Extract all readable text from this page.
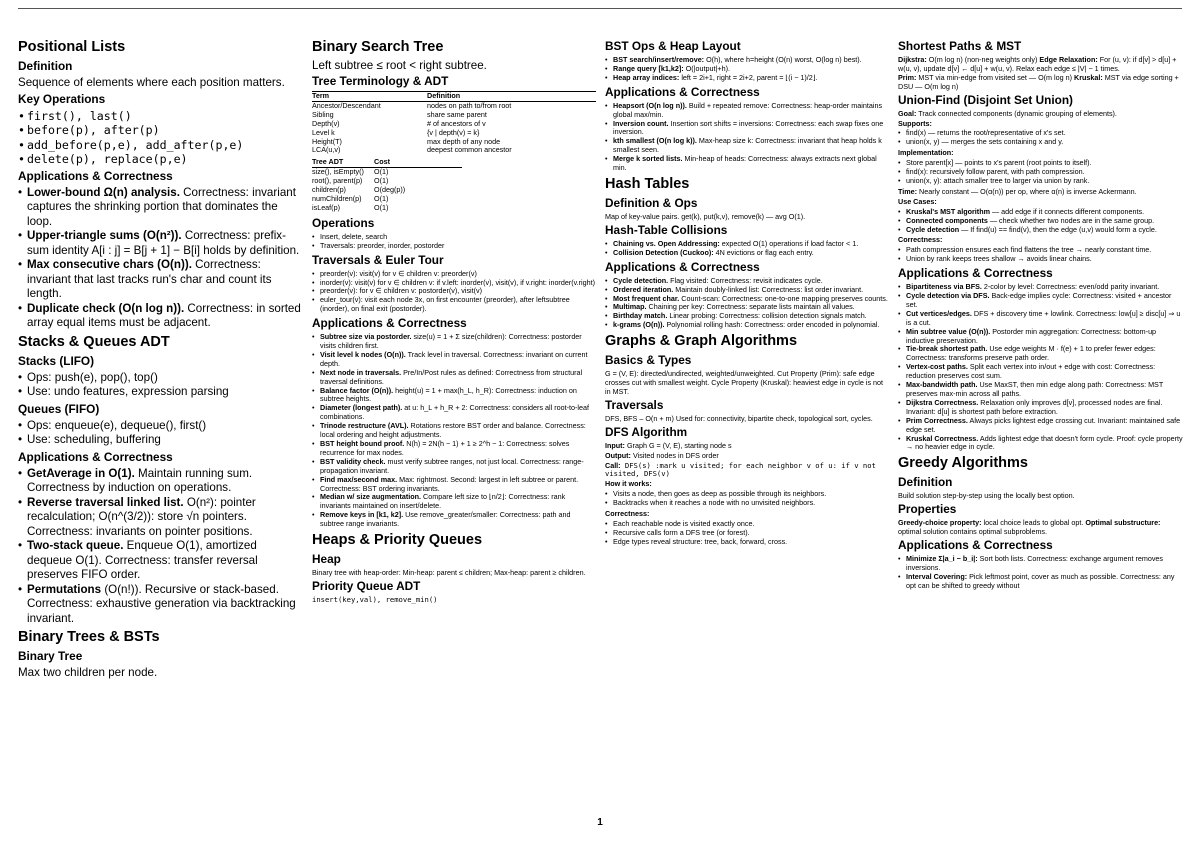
Positional Lists
Definition
Sequence of elements where each position matters.
Key Operations
• first(), last()
• before(p), after(p)
• add_before(p,e), add_after(p,e)
• delete(p), replace(p,e)
Applications & Correctness
• Lower-bound Ω(n) analysis. Correctness: invariant captures the shrinking portion that dominates the loop.
• Upper-triangle sums (O(n²)). Correctness: prefix-sum identity A[i : j] = B[j + 1] − B[i] holds by definition.
• Max consecutive chars (O(n)). Correctness: invariant that last tracks run's char and count its length.
• Duplicate check (O(n log n)). Correctness: in sorted array equal items must be adjacent.
Stacks & Queues ADT
Stacks (LIFO)
• Ops: push(e), pop(), top()
• Use: undo features, expression parsing
Queues (FIFO)
• Ops: enqueue(e), dequeue(), first()
• Use: scheduling, buffering
Applications & Correctness
• GetAverage in O(1). Maintain running sum. Correctness by induction on operations.
• Reverse traversal linked list. O(n²): pointer recalculation; O(n^(3/2)): store √n pointers. Correctness: invariants on pointer positions.
• Two-stack queue. Enqueue O(1), amortized dequeue O(1). Correctness: transfer reversal preserves FIFO order.
• Permutations (O(n!)). Recursive or stack-based. Correctness: exhaustive generation via backtracking invariant.
Binary Trees & BSTs
Binary Tree
Max two children per node.
Binary Search Tree
Left subtree ≤ root < right subtree.
Tree Terminology & ADT
Term	Definition
Ancestor/Descendant	nodes on path to/from root
Sibling	share same parent
Depth(v)	# of ancestors of v
Level k	{v | depth(v) = k}
Height(T)	max depth of any node
LCA(u,v)	deepest common ancestor
Tree ADT	Cost
size(), isEmpty()	O(1)
root(), parent(p)	O(1)
children(p)	O(deg(p))
numChildren(p)	O(1)
isLeaf(p)	O(1)
Operations
• Insert, delete, search
• Traversals: preorder, inorder, postorder
Traversals & Euler Tour
• preorder(v): visit(v) for v ∈ children v: preorder(v)
• inorder(v): visit(v) for v ∈ children v: if v.left: inorder(v), visit(v), if v.right: inorder(v.right)
• preorder(v): for v ∈ children v: postorder(v), visit(v)
• euler_tour(v): visit each node 3x, on first encounter (preorder), after leftsubtree (inorder), on final exit (postorder).
Applications & Correctness
• Subtree size via postorder. size(u) = 1 + Σ size(children): Correctness: postorder visits children first.
• Visit level k nodes (O(n)). Track level in traversal. Correctness: invariant on current depth.
• Next node in traversals. Pre/In/Post rules as defined: Correctness from structural traversal definitions.
• Balance factor (O(n)). height(u) = 1 + max(h_L, h_R): Correctness: induction on subtree heights.
• Diameter (longest path). at u: h_L + h_R + 2: Correctness: considers all root-to-leaf combinations.
• Trinode restructure (AVL). Rotations restore BST order and balance. Correctness: local ordering and height adjustments.
• BST height bound proof. N(h) = 2N(h − 1) + 1 ≥ 2^h − 1: Correctness: solves recurrence for max nodes.
• BST validity check. must verify subtree ranges, not just local. Correctness: range-propagation invariant.
• Find max/second max. Max: rightmost. Second: largest in left subtree or parent. Correctness: BST ordering invariants.
• Median w/ size augmentation. Compare left size to ⌊n/2⌋: Correctness: rank invariants maintained on insert/delete.
• Remove keys in [k1, k2]. Use remove_greater/smaller: Correctness: path and subtree range invariants.
Heaps & Priority Queues
Heap
Binary tree with heap-order: Min-heap: parent ≤ children; Max-heap: parent ≥ children.
Priority Queue ADT
insert(key,val), remove_min()
BST Ops & Heap Layout
• BST search/insert/remove: O(h), where h=height (O(n) worst, O(log n) best).
• Range query [k1,k2]: O(|output|+h).
• Heap array indices: left = 2i+1, right = 2i+2, parent = ⌊(i − 1)/2⌋.
Applications & Correctness
• Heapsort (O(n log n)). Build + repeated remove: Correctness: heap-order maintains global max/min.
• Inversion count. Insertion sort shifts = inversions: Correctness: each swap fixes one inversion.
• kth smallest (O(n log k)). Max-heap size k: Correctness: invariant that heap holds k smallest seen.
• Merge k sorted lists. Min-heap of heads: Correctness: always extracts next global min.
Hash Tables
Definition & Ops
Map of key-value pairs. get(k), put(k,v), remove(k) — avg O(1).
Hash-Table Collisions
• Chaining vs. Open Addressing: expected O(1) operations if load factor < 1.
• Collision Detection (Cuckoo): 4N evictions or flag each entry.
Applications & Correctness
• Cycle detection. Flag visited: Correctness: revisit indicates cycle.
• Ordered iteration. Maintain doubly-linked list: Correctness: list order invariant.
• Most frequent char. Count-scan: Correctness: one-to-one mapping preserves counts.
• Multimap. Chaining per key: Correctness: separate lists maintain all values.
• Birthday match. Linear probing: Correctness: collision detection signals match.
• k-grams (O(n)). Polynomial rolling hash: Correctness: order encoded in polynomial.
Graphs & Graph Algorithms
Basics & Types
G = (V, E): directed/undirected, weighted/unweighted. Cut Property (Prim): safe edge crosses cut with smallest weight. Cycle Property (Kruskal): heaviest edge in cycle is not in MST.
Traversals
DFS, BFS – O(n + m) Used for: connectivity, bipartite check, topological sort, cycles.
DFS Algorithm
Input: Graph G = (V, E), starting node s
Output: Visited nodes in DFS order
Call: DFS(s) :mark u visited; for each neighbor v of u: if v not visited, DFS(v)
How it works:
• Visits a node, then goes as deep as possible through its neighbors.
• Backtracks when it reaches a node with no unvisited neighbors.
Correctness:
• Each reachable node is visited exactly once.
• Recursive calls form a DFS tree (or forest).
• Edge types reveal structure: tree, back, forward, cross.
Shortest Paths & MST
Dijkstra: O(m log n) (non-neg weights only) Edge Relaxation: For (u, v): if d[v] > d[u] + w(u, v), update d[v] ← d[u] + w(u, v). Relax each edge ≤ |V| − 1 times.
Prim: MST via min-edge from visited set — O(m log n) Kruskal: MST via edge sorting + DSU — O(m log n)
Union-Find (Disjoint Set Union)
Goal: Track connected components (dynamic grouping of elements).
Supports:
• find(x) — returns the root/representative of x's set.
• union(x, y) — merges the sets containing x and y.
Implementation:
• Store parent[x] — points to x's parent (root points to itself).
• find(x): recursively follow parent, with path compression.
• union(x, y): attach smaller tree to larger via union by rank.
Time: Nearly constant — O(α(n)) per op, where α(n) is inverse Ackermann.
Use Cases:
• Kruskal's MST algorithm — add edge if it connects different components.
• Connected components — check whether two nodes are in the same group.
• Cycle detection — If find(u) == find(v), then the edge (u,v) would form a cycle.
Correctness:
• Path compression ensures each find flattens the tree → nearly constant time.
• Union by rank keeps trees shallow → avoids linear chains.
Applications & Correctness
• Bipartiteness via BFS. 2-color by level: Correctness: even/odd parity invariant.
• Cycle detection via DFS. Back-edge implies cycle: Correctness: visited + ancestor set.
• Cut vertices/edges. DFS + discovery time + lowlink. Correctness: low[u] ≥ disc[u] ⇒ u is a cut.
• Min subtree value (O(n)). Postorder min aggregation: Correctness: bottom-up inductive preservation.
• Tie-break shortest path. Use edge weights M · f(e) + 1 to prefer fewer edges: Correctness: transforms preserve path order.
• Vertex-cost paths. Split each vertex into in/out + edge with cost: Correctness: reduction preserves cost sum.
• Max-bandwidth path. Use MaxST, then min edge along path: Correctness: MST preserves max-min across all paths.
• Dijkstra Correctness. Relaxation only improves d[v], processed nodes are final. Invariant: d[u] is shortest path before extraction.
• Prim Correctness. Always picks lightest edge crossing cut. Invariant: maintained safe edge set.
• Kruskal Correctness. Adds lightest edge that doesn't form cycle. Proof: cycle property → no heavier edge in cycle.
Greedy Algorithms
Definition
Build solution step-by-step using the locally best option.
Properties
Greedy-choice property: local choice leads to global opt. Optimal substructure: optimal solution contains optimal subproblems.
Applications & Correctness
• Minimize Σ|a_i − b_i|: Sort both lists. Correctness: exchange argument removes inversions.
• Interval Covering: Pick leftmost point, cover as much as possible. Correctness: any opt can be shifted to greedy without
1
